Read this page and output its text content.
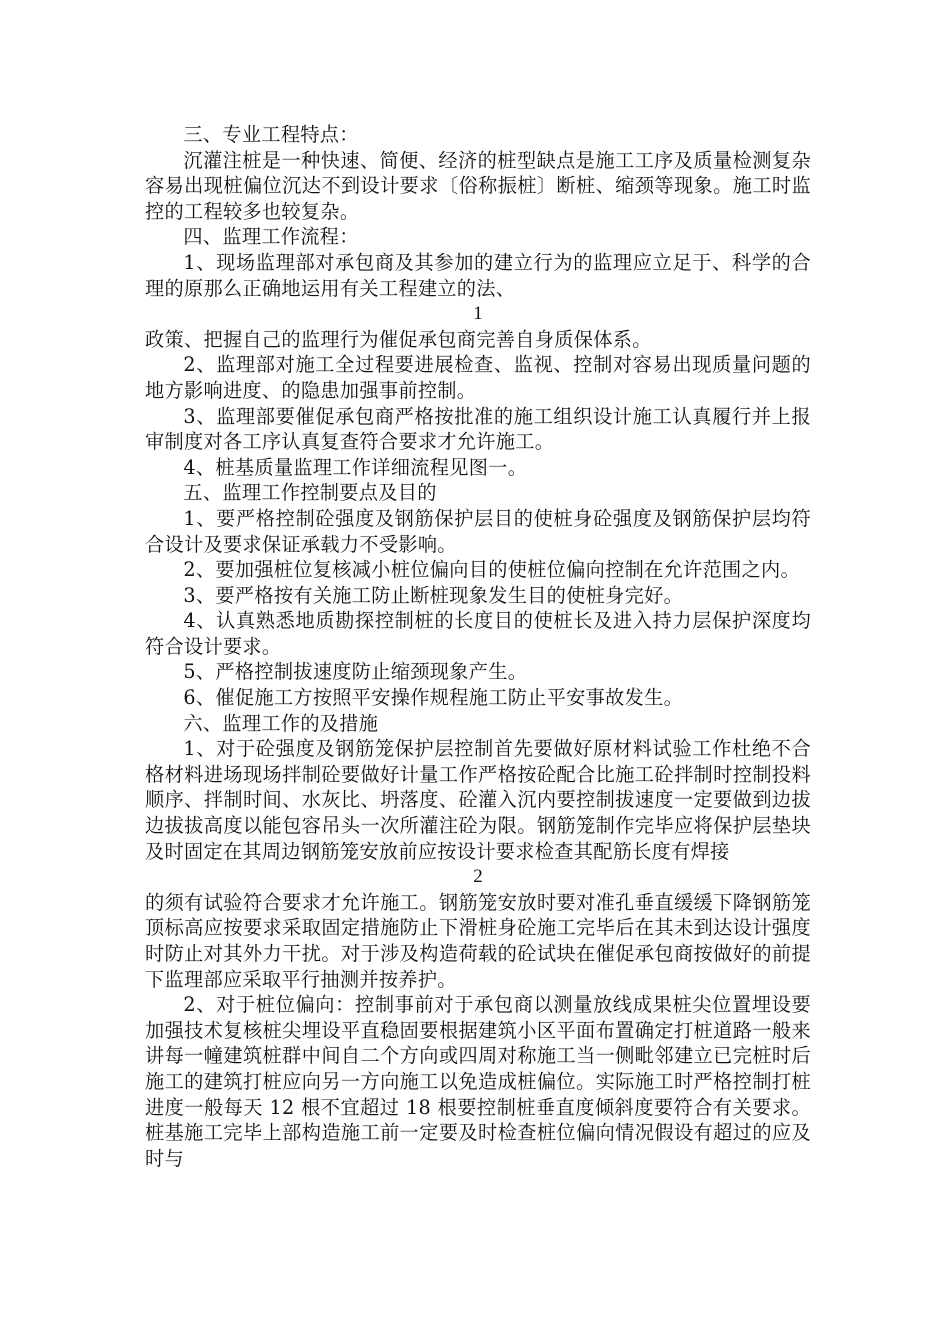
三、专业工程特点：

沉灌注桩是一种快速、简便、经济的桩型缺点是施工工序及质量检测复杂容易出现桩偏位沉达不到设计要求〔俗称振桩〕断桩、缩颈等现象。施工时监控的工程较多也较复杂。

四、监理工作流程：

1、现场监理部对承包商及其参加的建立行为的监理应立足于、科学的合理的原那么正确地运用有关工程建立的法、

1

政策、把握自己的监理行为催促承包商完善自身质保体系。

2、监理部对施工全过程要进展检查、监视、控制对容易出现质量问题的地方影响进度、的隐患加强事前控制。

3、监理部要催促承包商严格按批准的施工组织设计施工认真履行并上报审制度对各工序认真复查符合要求才允许施工。

4、桩基质量监理工作详细流程见图一。

五、监理工作控制要点及目的

1、要严格控制砼强度及钢筋保护层目的使桩身砼强度及钢筋保护层均符合设计及要求保证承载力不受影响。

2、要加强桩位复核减小桩位偏向目的使桩位偏向控制在允许范围之内。

3、要严格按有关施工防止断桩现象发生目的使桩身完好。

4、认真熟悉地质勘探控制桩的长度目的使桩长及进入持力层保护深度均符合设计要求。

5、严格控制拔速度防止缩颈现象产生。

6、催促施工方按照平安操作规程施工防止平安事故发生。

六、监理工作的及措施

1、对于砼强度及钢筋笼保护层控制首先要做好原材料试验工作杜绝不合格材料进场现场拌制砼要做好计量工作严格按砼配合比施工砼拌制时控制投料顺序、拌制时间、水灰比、坍落度、砼灌入沉内要控制拔速度一定要做到边拔边拔拔高度以能包容吊头一次所灌注砼为限。钢筋笼制作完毕应将保护层垫块及时固定在其周边钢筋笼安放前应按设计要求检查其配筋长度有焊接

2

的须有试验符合要求才允许施工。钢筋笼安放时要对准孔垂直缓缓下降钢筋笼顶标高应按要求采取固定措施防止下滑桩身砼施工完毕后在其未到达设计强度时防止对其外力干扰。对于涉及构造荷载的砼试块在催促承包商按做好的前提下监理部应采取平行抽测并按养护。

2、对于桩位偏向：控制事前对于承包商以测量放线成果桩尖位置埋设要加强技术复核桩尖埋设平直稳固要根据建筑小区平面布置确定打桩道路一般来讲每一幢建筑桩群中间自二个方向或四周对称施工当一侧毗邻建立已完桩时后施工的建筑打桩应向另一方向施工以免造成桩偏位。实际施工时严格控制打桩进度一般每天 12 根不宜超过 18 根要控制桩垂直度倾斜度要符合有关要求。桩基施工完毕上部构造施工前一定要及时检查桩位偏向情况假设有超过的应及时与
